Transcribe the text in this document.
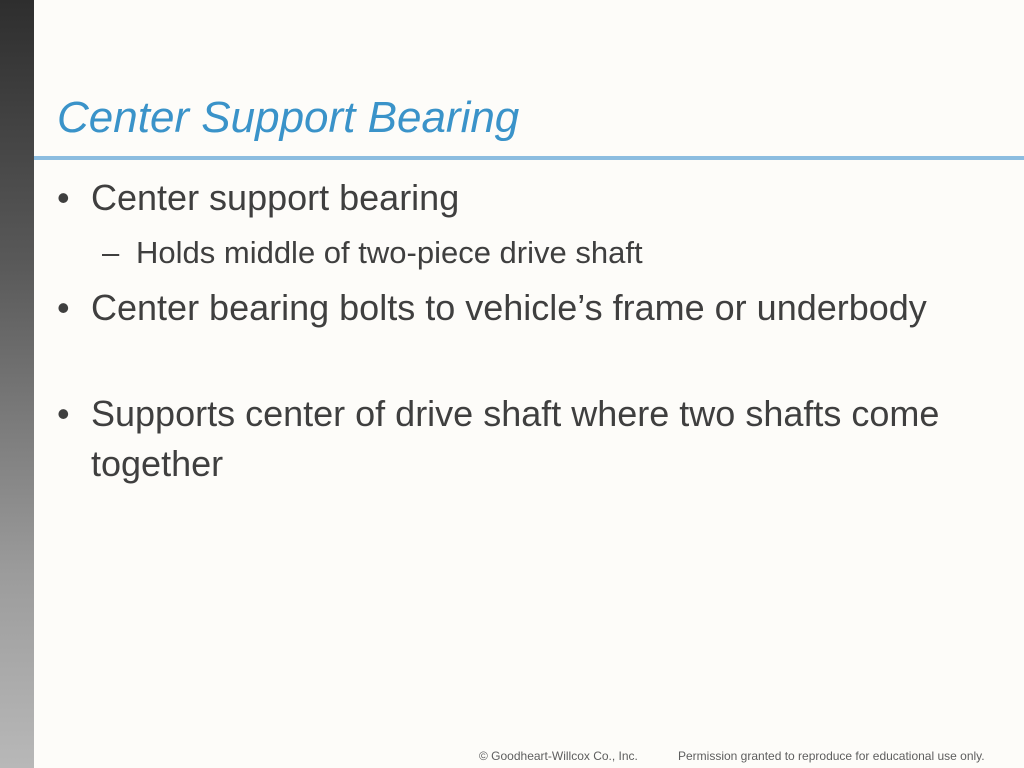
Center Support Bearing
• Center support bearing
– Holds middle of two-piece drive shaft
• Center bearing bolts to vehicle’s frame or underbody
• Supports center of drive shaft where two shafts come together
© Goodheart-Willcox Co., Inc.	Permission granted to reproduce for educational use only.
